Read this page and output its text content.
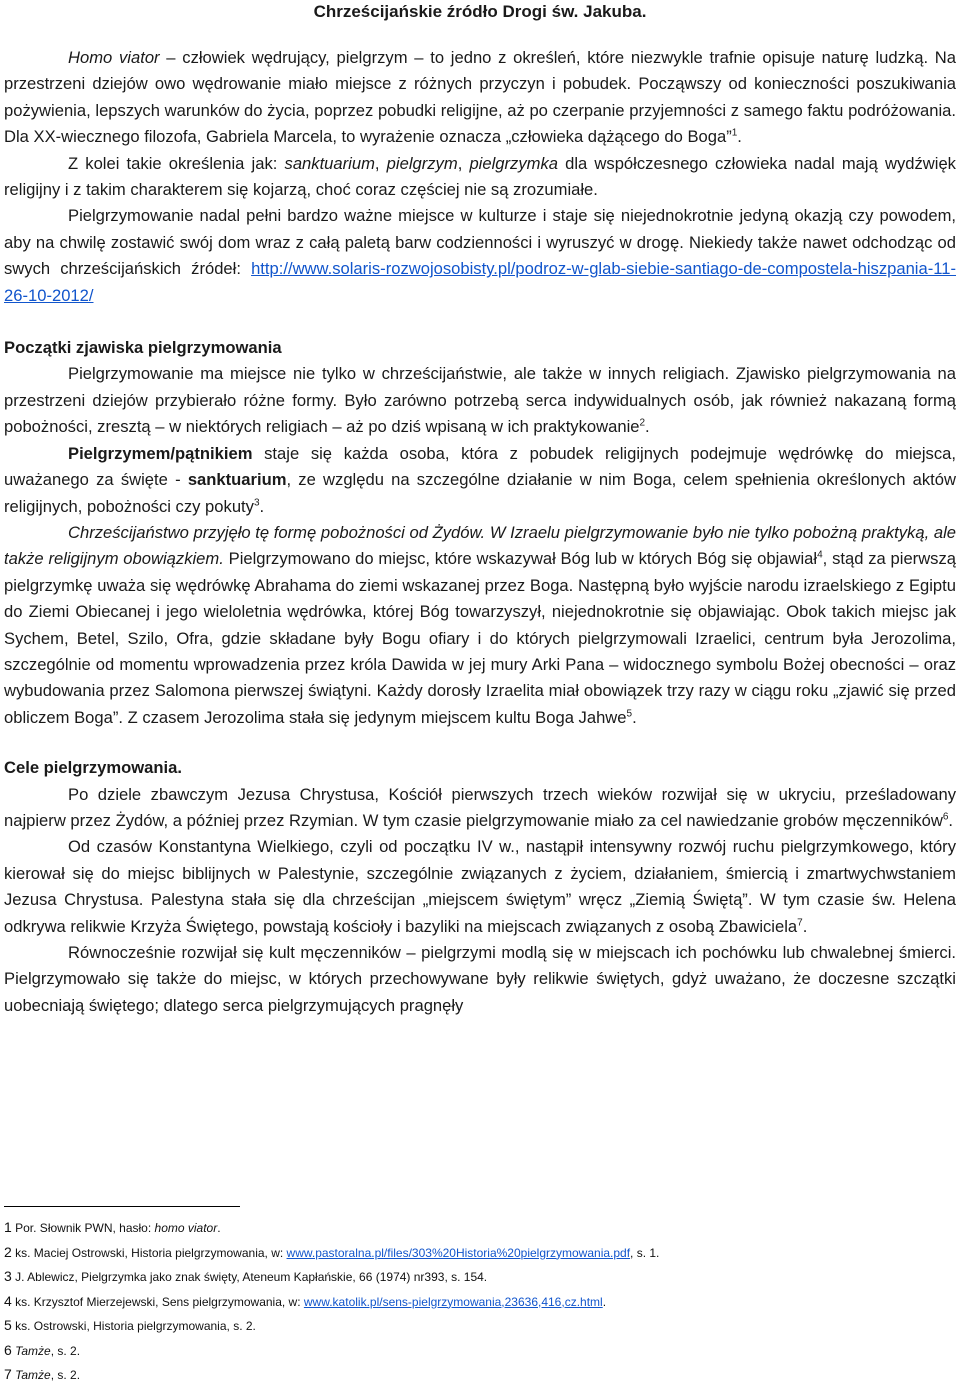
Chrześcijańskie źródło Drogi św. Jakuba.

Homo viator – człowiek wędrujący, pielgrzym – to jedno z określeń, które niezwykle trafnie opisuje naturę ludzką. Na przestrzeni dziejów owo wędrowanie miało miejsce z różnych przyczyn i pobudek. Począwszy od konieczności poszukiwania pożywienia, lepszych warunków do życia, poprzez pobudki religijne, aż po czerpanie przyjemności z samego faktu podróżowania. Dla XX-wiecznego filozofa, Gabriela Marcela, to wyrażenie oznacza „człowieka dążącego do Boga”$^1$.

Z kolei takie określenia jak: sanktuarium, pielgrzym, pielgrzymka dla współczesnego człowieka nadal mają wydźwięk religijny i z takim charakterem się kojarzą, choć coraz częściej nie są zrozumiałe.

Pielgrzymowanie nadal pełni bardzo ważne miejsce w kulturze i staje się niejednokrotnie jedyną okazją czy powodem, aby na chwilę zostawić swój dom wraz z całą paletą barw codzienności i wyruszyć w drogę. Niekiedy także nawet odchodząc od swych chrześcijańskich źródeł: http://www.solaris-rozwojosobisty.pl/podroz-w-glab-siebie-santiago-de-compostela-hiszpania-11-26-10-2012/

Początki zjawiska pielgrzymowania

Pielgrzymowanie ma miejsce nie tylko w chrześcijaństwie, ale także w innych religiach. Zjawisko pielgrzymowania na przestrzeni dziejów przybierało różne formy. Było zarówno potrzebą serca indywidualnych osób, jak również nakazaną formą pobożności, zresztą – w niektórych religiach – aż po dziś wpisaną w ich praktykowanie$^2$.

Pielgrzymem/pątnikiem staje się każda osoba, która z pobudek religijnych podejmuje wędrówkę do miejsca, uważanego za święte - sanktuarium, ze względu na szczególne działanie w nim Boga, celem spełnienia określonych aktów religijnych, pobożności czy pokuty$^3$.

Chrześcijaństwo przyjęło tę formę pobożności od Żydów. W Izraelu pielgrzymowanie było nie tylko pobożną praktyką, ale także religijnym obowiązkiem. Pielgrzymowano do miejsc, które wskazywał Bóg lub w których Bóg się objawiał$^4$, stąd za pierwszą pielgrzymkę uważa się wędrówkę Abrahama do ziemi wskazanej przez Boga. Następną było wyjście narodu izraelskiego z Egiptu do Ziemi Obiecanej i jego wieloletnia wędrówka, której Bóg towarzyszył, niejednokrotnie się objawiając. Obok takich miejsc jak Sychem, Betel, Szilo, Ofra, gdzie składane były Bogu ofiary i do których pielgrzymowali Izraelici, centrum była Jerozolima, szczególnie od momentu wprowadzenia przez króla Dawida w jej mury Arki Pana – widocznego symbolu Bożej obecności – oraz wybudowania przez Salomona pierwszej świątyni. Każdy dorosły Izraelita miał obowiązek trzy razy w ciągu roku „zjawić się przed obliczem Boga”. Z czasem Jerozolima stała się jedynym miejscem kultu Boga Jahwe$^5$.

Cele pielgrzymowania.

Po dziele zbawczym Jezusa Chrystusa, Kościół pierwszych trzech wieków rozwijał się w ukryciu, prześladowany najpierw przez Żydów, a później przez Rzymian. W tym czasie pielgrzymowanie miało za cel nawiedzanie grobów męczenników$^6$.

Od czasów Konstantyna Wielkiego, czyli od początku IV w., nastąpił intensywny rozwój ruchu pielgrzymkowego, który kierował się do miejsc biblijnych w Palestynie, szczególnie związanych z życiem, działaniem, śmiercią i zmartwychwstaniem Jezusa Chrystusa. Palestyna stała się dla chrześcijan „miejscem świętym” wręcz „Ziemią Świętą”. W tym czasie św. Helena odkrywa relikwie Krzyża Świętego, powstają kościoły i bazyliki na miejscach związanych z osobą Zbawiciela$^7$.

Równocześnie rozwijał się kult męczenników – pielgrzymi modlą się w miejscach ich pochówku lub chwalebnej śmierci. Pielgrzymowało się także do miejsc, w których przechowywane były relikwie świętych, gdyż uważano, że doczesne szczątki uobecniają świętego; dlatego serca pielgrzymujących pragnęły

1 Por. Słownik PWN, hasło: homo viator.
2 ks. Maciej Ostrowski, Historia pielgrzymowania, w: www.pastoralna.pl/files/303%20Historia%20pielgrzymowania.pdf, s. 1.
3 J. Ablewicz, Pielgrzymka jako znak święty, Ateneum Kapłańskie, 66 (1974) nr393, s. 154.
4 ks. Krzysztof Mierzejewski, Sens pielgrzymowania, w: www.katolik.pl/sens-pielgrzymowania,23636,416,cz.html.
5 ks. Ostrowski, Historia pielgrzymowania, s. 2.
6 Tamże, s. 2.
7 Tamże, s. 2.
